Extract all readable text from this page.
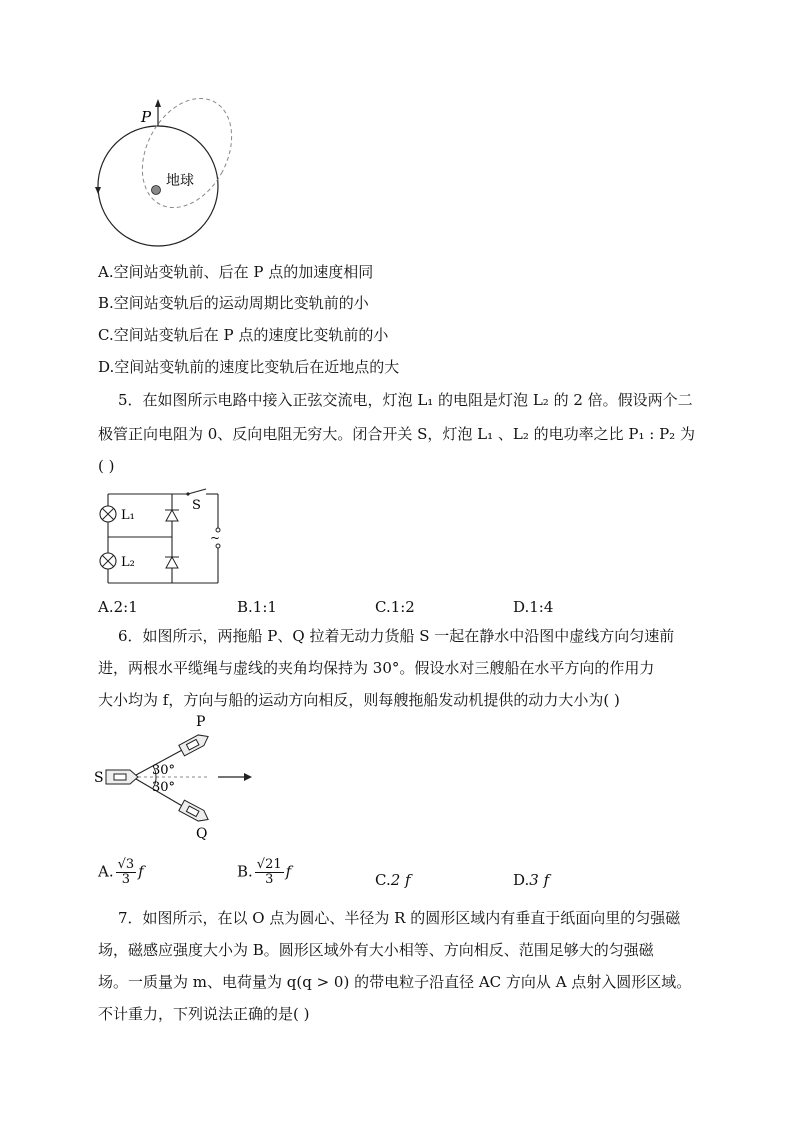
P
地球
A.空间站变轨前、后在 P 点的加速度相同
B.空间站变轨后的运动周期比变轨前的小
C.空间站变轨后在 P 点的速度比变轨前的小
D.空间站变轨前的速度比变轨后在近地点的大
5．在如图所示电路中接入正弦交流电，灯泡 L₁ 的电阻是灯泡 L₂ 的 2 倍。假设两个二
极管正向电阻为 0、反向电阻无穷大。闭合开关 S，灯泡 L₁ 、L₂ 的电功率之比 P₁ : P₂ 为
( )
L₁
L₂
S
~
A.2:1	B.1:1	C.1:2	D.1:4
6．如图所示，两拖船 P、Q 拉着无动力货船 S 一起在静水中沿图中虚线方向匀速前
进，两根水平缆绳与虚线的夹角均保持为 30°。假设水对三艘船在水平方向的作用力
大小均为 f，方向与船的运动方向相反，则每艘拖船发动机提供的动力大小为( )
P
Q
S	30°
30°
A. $\frac{√3}{3}$ f	B. $\frac{√21}{3}$ f	C.2 f	D.3 f
7．如图所示，在以 O 点为圆心、半径为 R 的圆形区域内有垂直于纸面向里的匀强磁
场，磁感应强度大小为 B。圆形区域外有大小相等、方向相反、范围足够大的匀强磁
场。一质量为 m、电荷量为 q(q > 0) 的带电粒子沿直径 AC 方向从 A 点射入圆形区域。
不计重力，下列说法正确的是( )
